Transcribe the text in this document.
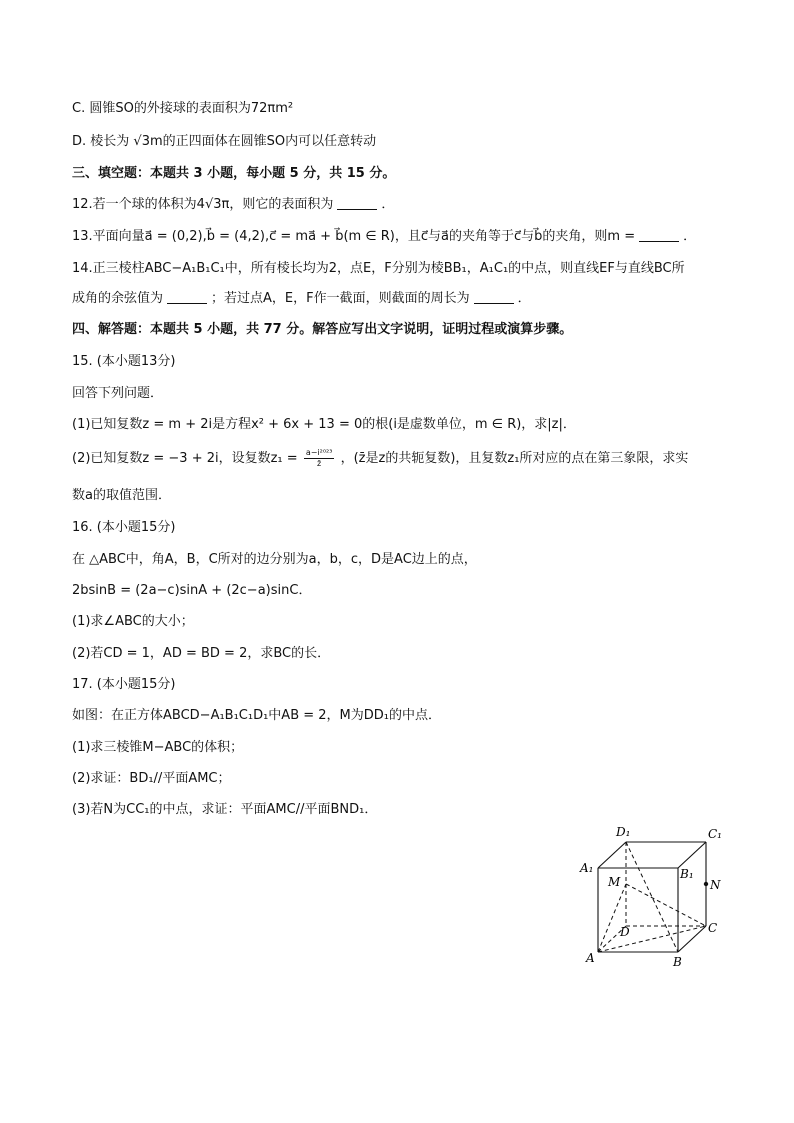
C. 圆锥SO的外接球的表面积为72πm²
D. 棱长为 √3m的正四面体在圆锥SO内可以任意转动
三、填空题：本题共 3 小题，每小题 5 分，共 15 分。
12.若一个球的体积为4√3π，则它的表面积为	．
13.平面向量a⃗ = (0,2),b⃗ = (4,2),c⃗ = ma⃗ + b⃗(m ∈ R)，且c⃗与a⃗的夹角等于c⃗与b⃗的夹角，则m =	．
14.正三棱柱ABC−A₁B₁C₁中，所有棱长均为2，点E，F分别为棱BB₁，A₁C₁的中点，则直线EF与直线BC所
成角的余弦值为	；若过点A，E，F作一截面，则截面的周长为	．
四、解答题：本题共 5 小题，共 77 分。解答应写出文字说明，证明过程或演算步骤。
15. (本小题13分)
回答下列问题．
(1)已知复数z = m + 2i是方程x² + 6x + 13 = 0的根(i是虚数单位，m ∈ R)，求|z|．
(2)已知复数z = −3 + 2i，设复数$z_1 = \frac{\text{a−i²⁰²³}}{z̄}$ ，(z̄是z的共轭复数)，且复数z₁所对应的点在第三象限，求实
数a的取值范围．
16. (本小题15分)
在 △ABC中，角A，B，C所对的边分别为a，b，c，D是AC边上的点，
2bsinB = (2a−c)sinA + (2c−a)sinC．
(1)求∠ABC的大小；
(2)若CD = 1，AD = BD = 2，求BC的长．
17. (本小题15分)
如图：在正方体ABCD−A₁B₁C₁D₁中AB = 2，M为DD₁的中点．
(1)求三棱锥M−ABC的体积；
(2)求证：BD₁//平面AMC；
(3)若N为CC₁的中点，求证：平面AMC//平面BND₁．
D₁	C₁
A₁	B₁
M	N
D	C
A	B
